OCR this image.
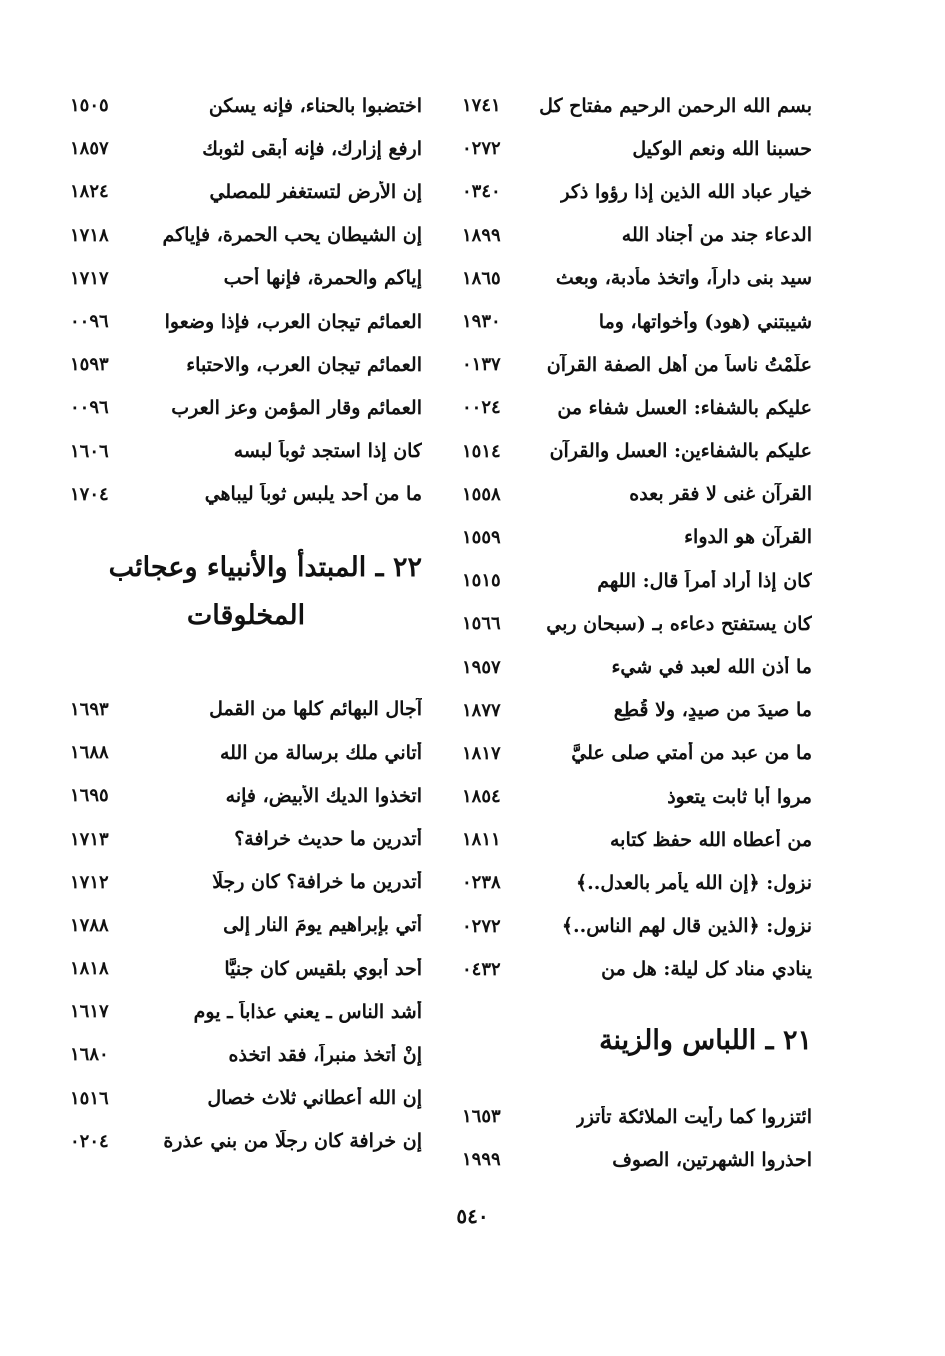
بسم الله الرحمن الرحيم مفتاح كل
١٧٤١
حسبنا الله ونعم الوكيل
٠٢٧٢
خيار عباد الله الذين إذا رؤوا ذكر
٠٣٤٠
الدعاء جند من أجناد الله
١٨٩٩
سيد بنى داراً، واتخذ مأدبة، وبعث
١٨٦٥
شيبتني (هود) وأخواتها، وما
١٩٣٠
علَّمْتُ ناساً من أهل الصفة القرآن
٠١٣٧
عليكم بالشفاء: العسل شفاء من
٠٠٢٤
عليكم بالشفاءين: العسل والقرآن
١٥١٤
القرآن غنى لا فقر بعده
١٥٥٨
القرآن هو الدواء
١٥٥٩
كان إذا أراد أمراً قال: اللهم
١٥١٥
كان يستفتح دعاءه بـ (سبحان ربي
١٥٦٦
ما أذن الله لعبد في شيء
١٩٥٧
ما صيدَ من صيدٍ، ولا قُطِع
١٨٧٧
ما من عبد من أمتي صلى عليَّ
١٨١٧
مروا أبا ثابت يتعوذ
١٨٥٤
من أعطاه الله حفظ كتابه
١٨١١
نزول: ﴿إن الله يأمر بالعدل..﴾
٠٢٣٨
نزول: ﴿الذين قال لهم الناس..﴾
٠٢٧٢
ينادي مناد كل ليلة: هل من
٠٤٣٢
٢١ ـ اللباس والزينة
ائتزروا كما رأيت الملائكة تأتزر
١٦٥٣
احذروا الشهرتين، الصوف
١٩٩٩
اختضبوا بالحناء، فإنه يسكن
١٥٠٥
ارفع إزارك، فإنه أبقى لثوبك
١٨٥٧
إن الأرض لتستغفر للمصلي
١٨٢٤
إن الشيطان يحب الحمرة، فإياكم
١٧١٨
إياكم والحمرة، فإنها أحب
١٧١٧
العمائم تيجان العرب، فإذا وضعوا
٠٠٩٦
العمائم تيجان العرب، والاحتباء
١٥٩٣
العمائم وقار المؤمن وعز العرب
٠٠٩٦
كان إذا استجد ثوباً لبسه
١٦٠٦
ما من أحد يلبس ثوباً ليباهي
١٧٠٤
٢٢ ـ المبتدأ والأنبياء وعجائب
المخلوقات
آجال البهائم كلها من القمل
١٦٩٣
أتاني ملك برسالة من الله
١٦٨٨
اتخذوا الديك الأبيض، فإنه
١٦٩٥
أتدرين ما حديث خرافة؟
١٧١٣
أتدرين ما خرافة؟ كان رجلًا
١٧١٢
أُتي بإبراهيم يومَ النار إلى
١٧٨٨
أحد أبوي بلقيس كان جنيًّا
١٨١٨
أشد الناس ـ يعني عذاباً ـ يوم
١٦١٧
إنْ أتخذ منبراً، فقد اتخذه
١٦٨٠
إن الله أعطاني ثلاث خصال
١٥١٦
إن خرافة كان رجلًا من بني عذرة
٠٢٠٤
٥٤٠
